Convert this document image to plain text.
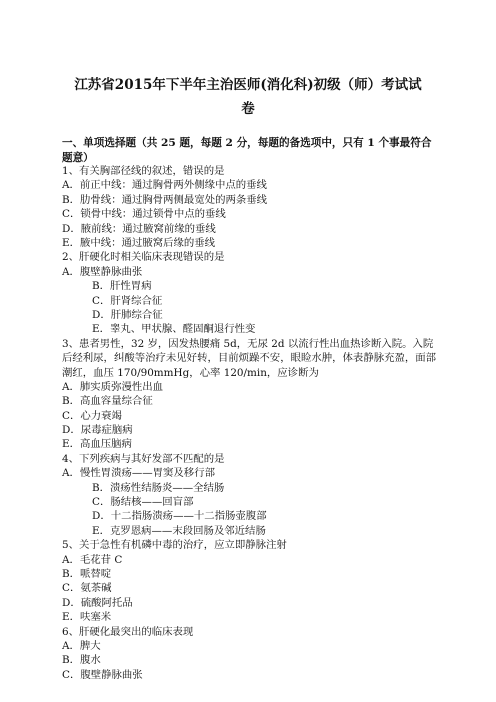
江苏省2015年下半年主治医师(消化科)初级（师）考试试
卷
一、单项选择题（共 25 题，每题 2 分，每题的备选项中，只有 1 个事最符合题意）
1、有关胸部径线的叙述，错误的是
A．前正中线：通过胸骨两外侧缘中点的垂线
B．肋骨线：通过胸骨两侧最宽处的两条垂线
C．锁骨中线：通过锁骨中点的垂线
D．腋前线：通过腋窝前缘的垂线
E．腋中线：通过腋窝后缘的垂线
2、肝硬化时相关临床表现错误的是
A．腹壁静脉曲张
B．肝性胃病
C．肝肾综合征
D．肝肺综合征
E．睾丸、甲状腺、醛固酮退行性变
3、患者男性，32 岁，因发热腰痛 5d，无尿 2d 以流行性出血热诊断入院。入院后经利尿，纠酸等治疗未见好转，目前烦躁不安，眼睑水肿，体表静脉充盈，面部潮红，血压 170/90mmHg，心率 120/min，应诊断为
A．肺实质弥漫性出血
B．高血容量综合征
C．心力衰竭
D．尿毒症脑病
E．高血压脑病
4、下列疾病与其好发部不匹配的是
A．慢性胃溃疡——胃窦及移行部
B．溃疡性结肠炎——全结肠
C．肠结核——回盲部
D．十二指肠溃疡——十二指肠壶腹部
E．克罗恩病——末段回肠及邻近结肠
5、关于急性有机磷中毒的治疗，应立即静脉注射
A．毛花苷 C
B．哌替啶
C．氨茶碱
D．硫酸阿托品
E．呋塞米
6、肝硬化最突出的临床表现
A．脾大
B．腹水
C．腹壁静脉曲张
